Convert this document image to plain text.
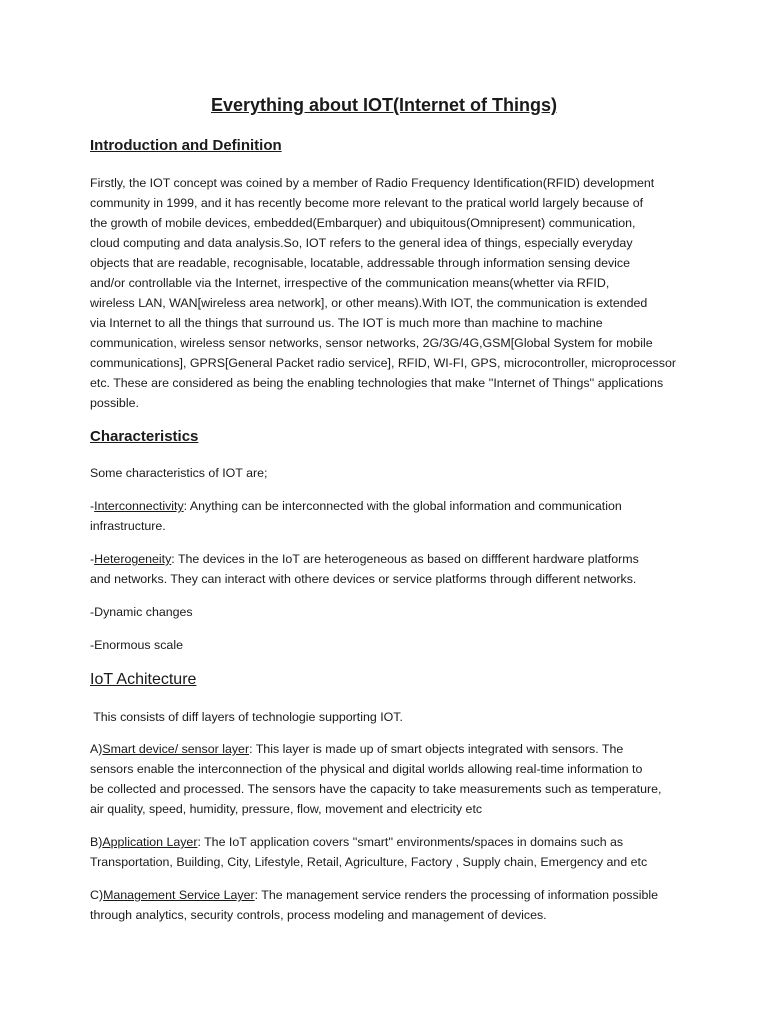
Everything about IOT(Internet of Things)
Introduction and Definition
Firstly, the IOT concept was coined by a member of Radio Frequency Identification(RFID) development
community in 1999, and it has recently become more relevant to the pratical world largely because of
the growth of mobile devices, embedded(Embarquer) and ubiquitous(Omnipresent) communication,
cloud computing and data analysis.So, IOT refers to the general idea of things, especially everyday
objects that are readable, recognisable, locatable, addressable through information sensing device
and/or controllable via the Internet, irrespective of the communication means(whetter via RFID,
wireless LAN, WAN[wireless area network], or other means).With IOT, the communication is extended
via Internet to all the things that surround us. The IOT is much more than machine to machine
communication, wireless sensor networks, sensor networks, 2G/3G/4G,GSM[Global System for mobile
communications], GPRS[General Packet radio service], RFID, WI-FI, GPS, microcontroller, microprocessor
etc. These are considered as being the enabling technologies that make ''Internet of Things'' applications
possible.
Characteristics
Some characteristics of IOT are;
-Interconnectivity: Anything can be interconnected with the global information and communication
infrastructure.
-Heterogeneity: The devices in the IoT are heterogeneous as based on diffferent hardware platforms
and networks. They can interact with othere devices or service platforms through different networks.
-Dynamic changes
-Enormous scale
IoT Achitecture
This consists of diff layers of technologie supporting IOT.
A)Smart device/ sensor layer: This layer is made up of smart objects integrated with sensors. The
sensors enable the interconnection of the physical and digital worlds allowing real-time information to
be collected and processed. The sensors have the capacity to take measurements such as temperature,
air quality, speed, humidity, pressure, flow, movement and electricity etc
B)Application Layer: The IoT application covers ''smart'' environments/spaces in domains such as
Transportation, Building, City, Lifestyle, Retail, Agriculture, Factory , Supply chain, Emergency and etc
C)Management Service Layer: The management service renders the processing of information possible
through analytics, security controls, process modeling and management of devices.
